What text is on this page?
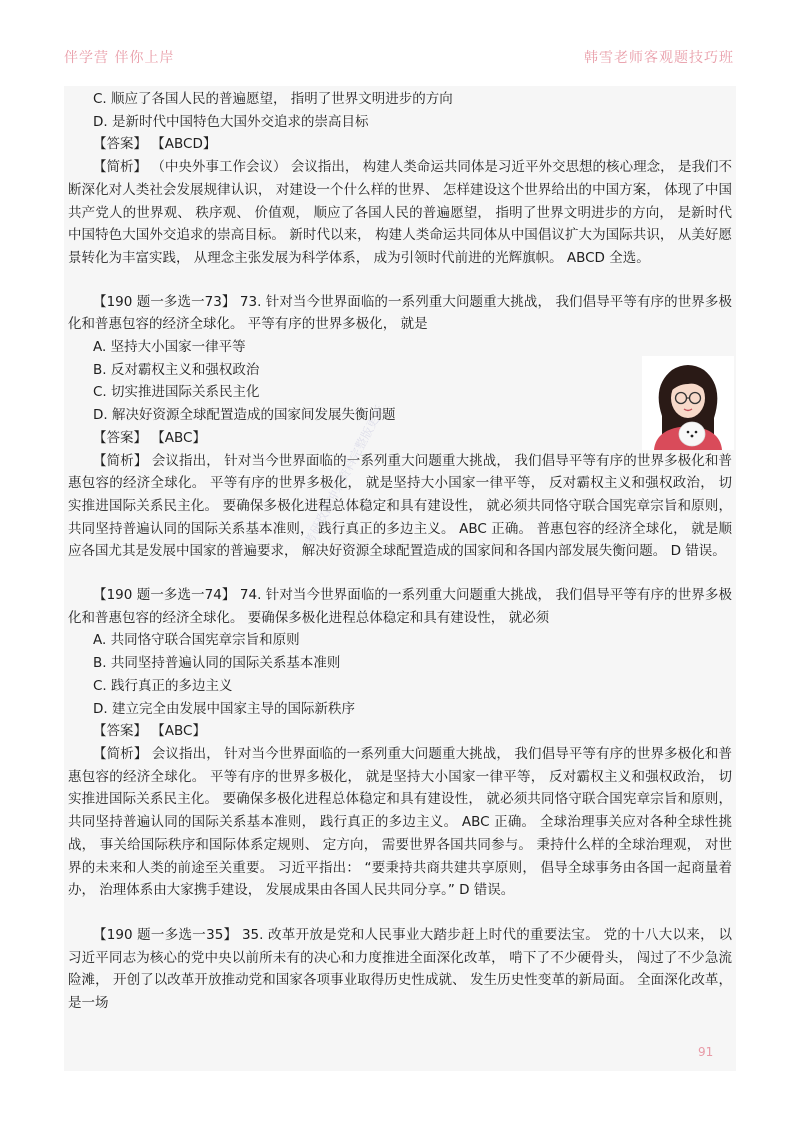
伴学营 伴你上岸	韩雪老师客观题技巧班

C. 顺应了各国人民的普遍愿望， 指明了世界文明进步的方向

D. 是新时代中国特色大国外交追求的崇高目标

【答案】 【ABCD】

【简析】 （中央外事工作会议） 会议指出， 构建人类命运共同体是习近平外交思想的核心理念， 是我们不断深化对人类社会发展规律认识， 对建设一个什么样的世界、 怎样建设这个世界给出的中国方案， 体现了中国共产党人的世界观、 秩序观、 价值观， 顺应了各国人民的普遍愿望， 指明了世界文明进步的方向， 是新时代中国特色大国外交追求的崇高目标。 新时代以来， 构建人类命运共同体从中国倡议扩大为国际共识， 从美好愿景转化为丰富实践， 从理念主张发展为科学体系， 成为引领时代前进的光辉旗帜。 ABCD 全选。

【190 题一多选一73】 73. 针对当今世界面临的一系列重大问题重大挑战， 我们倡导平等有序的世界多极化和普惠包容的经济全球化。 平等有序的世界多极化， 就是

A. 坚持大小国家一律平等

B. 反对霸权主义和强权政治

C. 切实推进国际关系民主化

D. 解决好资源全球配置造成的国家间发展失衡问题

【答案】 【ABC】

【简析】 会议指出， 针对当今世界面临的一系列重大问题重大挑战， 我们倡导平等有序的世界多极化和普惠包容的经济全球化。 平等有序的世界多极化， 就是坚持大小国家一律平等， 反对霸权主义和强权政治， 切实推进国际关系民主化。 要确保多极化进程总体稳定和具有建设性， 就必须共同恪守联合国宪章宗旨和原则， 共同坚持普遍认同的国际关系基本准则， 践行真正的多边主义。 ABC 正确。 普惠包容的经济全球化， 就是顺应各国尤其是发展中国家的普遍要求， 解决好资源全球配置造成的国家间和各国内部发展失衡问题。 D 错误。

【190 题一多选一74】 74. 针对当今世界面临的一系列重大问题重大挑战， 我们倡导平等有序的世界多极化和普惠包容的经济全球化。 要确保多极化进程总体稳定和具有建设性， 就必须

A. 共同恪守联合国宪章宗旨和原则

B. 共同坚持普遍认同的国际关系基本准则

C. 践行真正的多边主义

D. 建立完全由发展中国家主导的国际新秩序

【答案】 【ABC】

【简析】 会议指出， 针对当今世界面临的一系列重大问题重大挑战， 我们倡导平等有序的世界多极化和普惠包容的经济全球化。 平等有序的世界多极化， 就是坚持大小国家一律平等， 反对霸权主义和强权政治， 切实推进国际关系民主化。 要确保多极化进程总体稳定和具有建设性， 就必须共同恪守联合国宪章宗旨和原则， 共同坚持普遍认同的国际关系基本准则， 践行真正的多边主义。 ABC 正确。 全球治理事关应对各种全球性挑战， 事关给国际秩序和国际体系定规则、 定方向， 需要世界各国共同参与。 秉持什么样的全球治理观， 对世界的未来和人类的前途至关重要。 习近平指出： “要秉持共商共建共享原则， 倡导全球事务由各国一起商量着办， 治理体系由大家携手建设， 发展成果由各国人民共同分享。” D 错误。

【190 题一多选一35】 35. 改革开放是党和人民事业大踏步赶上时代的重要法宝。 党的十八大以来， 以习近平同志为核心的党中央以前所未有的决心和力度推进全面深化改革， 啃下了不少硬骨头， 闯过了不少急流险滩， 开创了以改革开放推动党和国家各项事业取得历史性成就、 发生历史性变革的新局面。 全面深化改革， 是一场

考研政治冲刺资料完整版更新
91
